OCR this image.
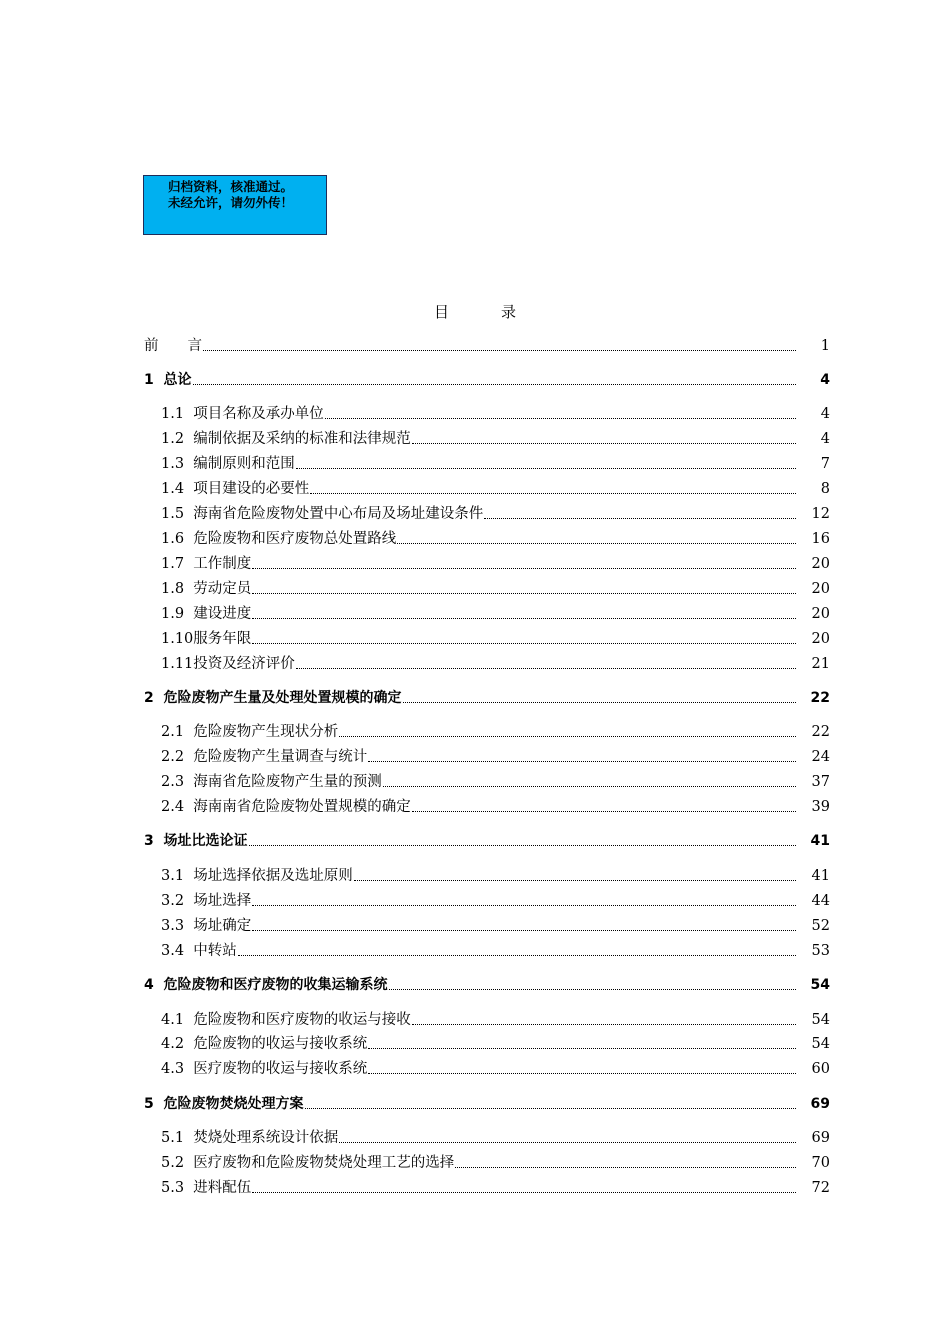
归档资料，核准通过。
未经允许，请勿外传！
目	录
前　　 言	1
1 总论	4
1.1 项目名称及承办单位	4
1.2 编制依据及采纳的标准和法律规范	4
1.3 编制原则和范围	7
1.4 项目建设的必要性	8
1.5 海南省危险废物处置中心布局及场址建设条件	12
1.6 危险废物和医疗废物总处置路线	16
1.7 工作制度	20
1.8 劳动定员	20
1.9 建设进度	20
1.10 服务年限	20
1.11 投资及经济评价	21
2 危险废物产生量及处理处置规模的确定	22
2.1 危险废物产生现状分析	22
2.2 危险废物产生量调查与统计	24
2.3 海南省危险废物产生量的预测	37
2.4 海南南省危险废物处置规模的确定	39
3 场址比选论证	41
3.1 场址选择依据及选址原则	41
3.2 场址选择	44
3.3 场址确定	52
3.4 中转站	53
4 危险废物和医疗废物的收集运输系统	54
4.1 危险废物和医疗废物的收运与接收	54
4.2 危险废物的收运与接收系统	54
4.3 医疗废物的收运与接收系统	60
5 危险废物焚烧处理方案	69
5.1 焚烧处理系统设计依据	69
5.2 医疗废物和危险废物焚烧处理工艺的选择	70
5.3 进料配伍	72
